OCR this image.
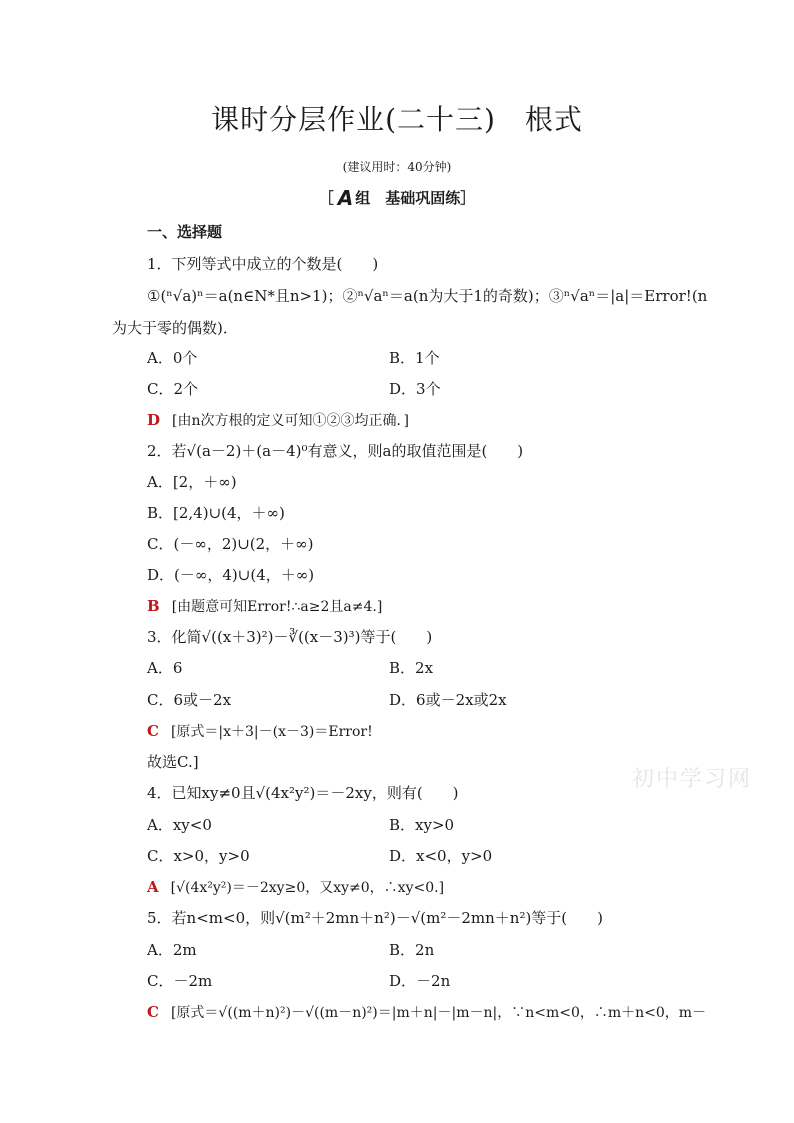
课时分层作业(二十三)　根式
(建议用时：40分钟)
［ A 组　基础巩固练］
一、选择题
1．下列等式中成立的个数是(　　)
①(ⁿ√a)ⁿ＝a(n∈N*且n>1)；②ⁿ√aⁿ＝a(n为大于1的奇数)；③ⁿ√aⁿ＝|a|＝Error!(n
为大于零的偶数)．
A．0个	B．1个
C．2个	D．3个
D [由n次方根的定义可知①②③均正确．]
2．若√(a－2)＋(a－4)⁰有意义，则a的取值范围是(　　)
A．[2，＋∞)
B．[2,4)∪(4，＋∞)
C．(－∞，2)∪(2，＋∞)
D．(－∞，4)∪(4，＋∞)
B [由题意可知Error!∴a≥2且a≠4.]
3．化简√((x＋3)²)－∛((x－3)³)等于(　　)
A．6	B．2x
C．6或－2x	D．6或－2x或2x
C [原式＝|x＋3|－(x－3)＝Error!
故选C.]
4．已知xy≠0且√(4x²y²)＝－2xy，则有(　　)
A．xy<0	B．xy>0
C．x>0，y>0	D．x<0，y>0
A [√(4x²y²)＝－2xy≥0，又xy≠0，∴xy<0.]
5．若n<m<0，则√(m²＋2mn＋n²)－√(m²－2mn＋n²)等于(　　)
A．2m	B．2n
C．－2m	D．－2n
C [原式＝√((m＋n)²)－√((m－n)²)＝|m＋n|－|m－n|，∵n<m<0，∴m＋n<0，m－
初中学习网
